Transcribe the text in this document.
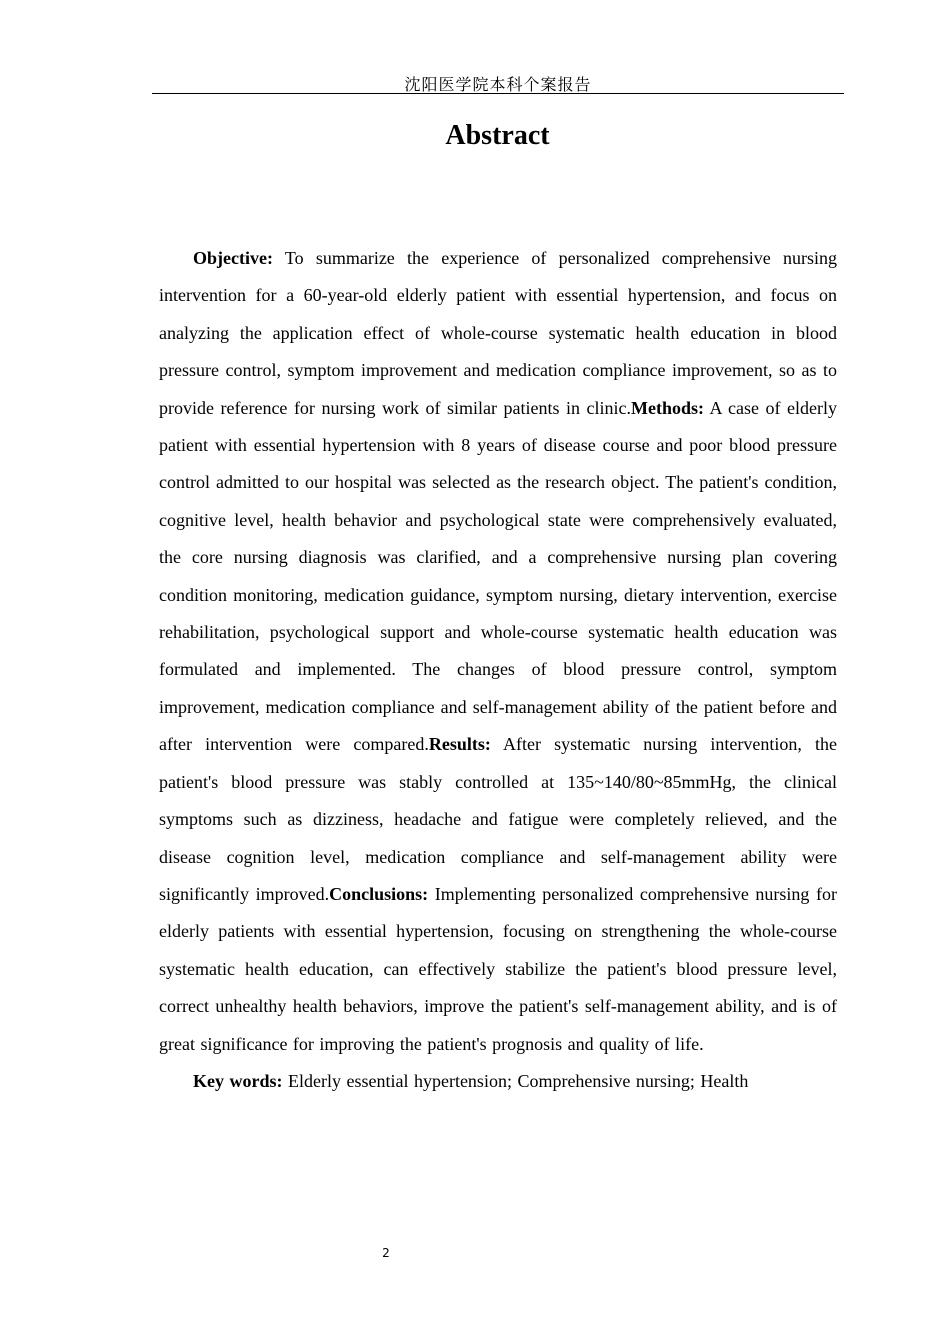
沈阳医学院本科个案报告
Abstract

Objective: To summarize the experience of personalized comprehensive nursing intervention for a 60-year-old elderly patient with essential hypertension, and focus on analyzing the application effect of whole-course systematic health education in blood pressure control, symptom improvement and medication compliance improvement, so as to provide reference for nursing work of similar patients in clinic.Methods: A case of elderly patient with essential hypertension with 8 years of disease course and poor blood pressure control admitted to our hospital was selected as the research object. The patient's condition, cognitive level, health behavior and psychological state were comprehensively evaluated, the core nursing diagnosis was clarified, and a comprehensive nursing plan covering condition monitoring, medication guidance, symptom nursing, dietary intervention, exercise rehabilitation, psychological support and whole-course systematic health education was formulated and implemented. The changes of blood pressure control, symptom improvement, medication compliance and self-management ability of the patient before and after intervention were compared.Results: After systematic nursing intervention, the patient's blood pressure was stably controlled at 135~140/80~85mmHg, the clinical symptoms such as dizziness, headache and fatigue were completely relieved, and the disease cognition level, medication compliance and self-management ability were significantly improved.Conclusions: Implementing personalized comprehensive nursing for elderly patients with essential hypertension, focusing on strengthening the whole-course systematic health education, can effectively stabilize the patient's blood pressure level, correct unhealthy health behaviors, improve the patient's self-management ability, and is of great significance for improving the patient's prognosis and quality of life.

Key words: Elderly essential hypertension; Comprehensive nursing; Health

2
